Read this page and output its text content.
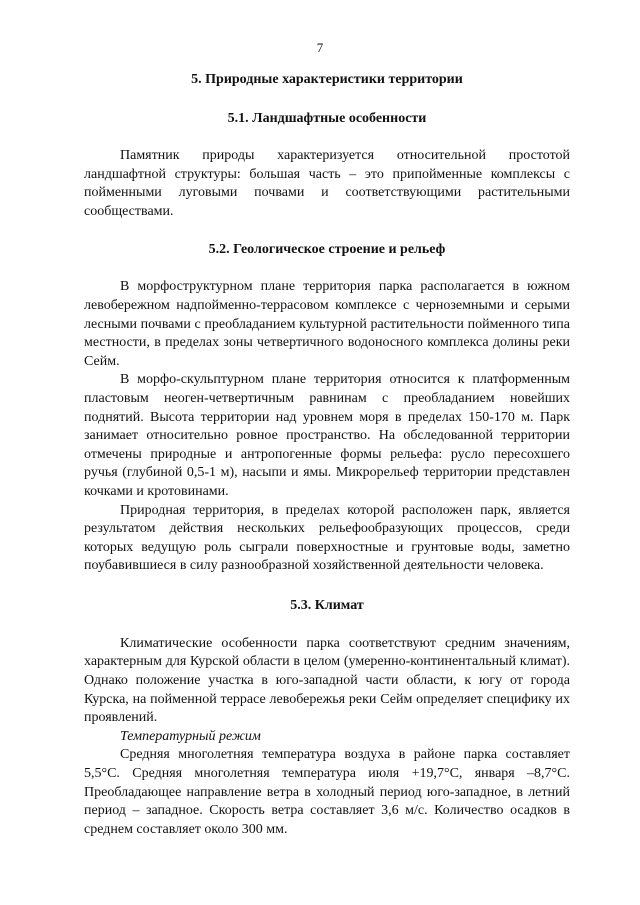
7
5. Природные характеристики территории
5.1. Ландшафтные особенности

Памятник природы характеризуется относительной простотой ландшафтной структуры: большая часть – это припойменные комплексы с пойменными луговыми почвами и соответствующими растительными сообществами.

5.2. Геологическое строение и рельеф

В морфоструктурном плане территория парка располагается в южном левобережном надпойменно-террасовом комплексе с черноземными и серыми лесными почвами с преобладанием культурной растительности пойменного типа местности, в пределах зоны четвертичного водоносного комплекса долины реки Сейм.

В морфо-скульптурном плане территория относится к платформенным пластовым неоген-четвертичным равнинам с преобладанием новейших поднятий. Высота территории над уровнем моря в пределах 150-170 м. Парк занимает относительно ровное пространство. На обследованной территории отмечены природные и антропогенные формы рельефа: русло пересохшего ручья (глубиной 0,5-1 м), насыпи и ямы. Микрорельеф территории представлен кочками и кротовинами.

Природная территория, в пределах которой расположен парк, является результатом действия нескольких рельефообразующих процессов, среди которых ведущую роль сыграли поверхностные и грунтовые воды, заметно поубавившиеся в силу разнообразной хозяйственной деятельности человека.

5.3. Климат

Климатические особенности парка соответствуют средним значениям, характерным для Курской области в целом (умеренно-континентальный климат). Однако положение участка в юго-западной части области, к югу от города Курска, на пойменной террасе левобережья реки Сейм определяет специфику их проявлений.

Температурный режим

Средняя многолетняя температура воздуха в районе парка составляет 5,5°С. Средняя многолетняя температура июля +19,7°С, января –8,7°С. Преобладающее направление ветра в холодный период юго-западное, в летний период – западное. Скорость ветра составляет 3,6 м/с. Количество осадков в среднем составляет около 300 мм.
